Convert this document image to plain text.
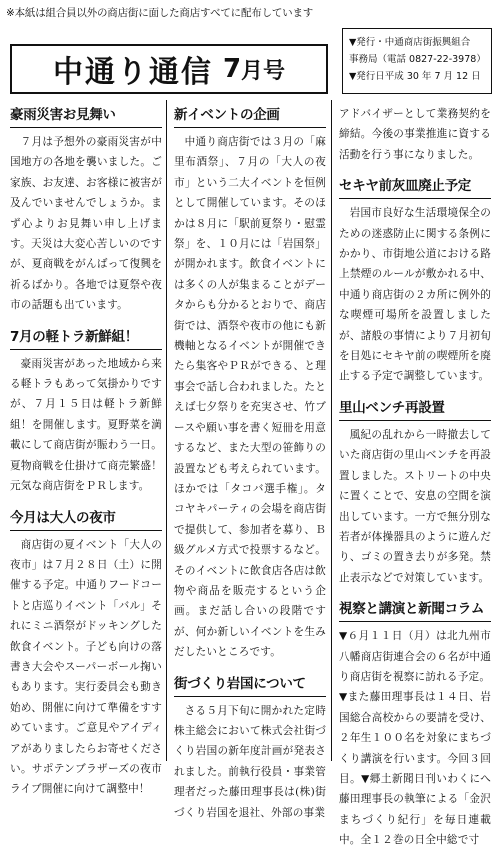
※本紙は組合員以外の商店街に面した商店すべてに配布しています
中通り通信 7 月号
▼発行・中通商店街振興組合
事務局（電話 0827-22-3978）
▼発行日平成 30 年 7 月 12 日
豪雨災害お見舞い

７月は予想外の豪雨災害が中国地方の各地を襲いました。ご家族、お友達、お客様に被害が及んでいませんでしょうか。まず心よりお見舞い申し上げます。天災は大変心苦しいのですが、夏商戦をがんばって復興を祈るばかり。各地では夏祭や夜市の話題も出ています。

7月の軽トラ新鮮組！

豪雨災害があった地域から来る軽トラもあって気掛かりですが、７月１５日は軽トラ新鮮組！を開催します。夏野菜を満載にして商店街が賑わう一日。夏物商戦を仕掛けて商売繁盛！元気な商店街をＰＲします。

今月は大人の夜市

商店街の夏イベント「大人の夜市」は７月２８日（土）に開催する予定。中通りフードコートと店巡りイベント「バル」それにミニ酒祭がドッキングした飲食イベント。子ども向けの落書き大会やスーパーボール掬いもあります。実行委員会も動き始め、開催に向けて準備をすすめています。ご意見やアイディアがありましたらお寄せください。サポテンブラザーズの夜市ライブ開催に向けて調整中！

新イベントの企画

中通り商店街では３月の「麻里布酒祭」、７月の「大人の夜市」という二大イベントを恒例として開催しています。そのほかは８月に「駅前夏祭り・慰霊祭」を、１０月には「岩国祭」が開かれます。飲食イベントには多くの人が集まることがデータからも分かるとおりで、商店街では、酒祭や夜市の他にも新機軸となるイベントが開催できたら集客やＰＲができる、と理事会で話し合われました。たとえば七夕祭りを充実させ、竹ブースや願い事を書く短冊を用意するなど、また大型の笹飾りの設置なども考えられています。ほかでは「タコバ選手権」。タコヤキパーティの会場を商店街で提供して、参加者を募り、Ｂ級グルメ方式で投票するなど。そのイベントに飲食店各店は飲物や商品を販売するという企画。まだ話し合いの段階ですが、何か新しいイベントを生みだしたいところです。

街づくり岩国について

さる５月下旬に開かれた定時株主総会において株式会社街づくり岩国の新年度計画が発表されました。前執行役員・事業管理者だった藤田理事長は(株)街づくり岩国を退社、外部の事業

アドバイザーとして業務契約を締結。今後の事業推進に資する活動を行う事になりました。

セキヤ前灰皿廃止予定

岩国市良好な生活環境保全のための迷惑防止に関する条例にかかり、市街地公道における路上禁煙のルールが敷かれる中、中通り商店街の２カ所に例外的な喫煙可場所を設置しましたが、諸般の事情により７月初旬を目処にセキヤ前の喫煙所を廃止する予定で調整しています。

里山ベンチ再設置

風紀の乱れから一時撤去していた商店街の里山ベンチを再設置しました。ストリートの中央に置くことで、安息の空間を演出しています。一方で無分別な若者が体操器具のように遊んだり、ゴミの置き去りが多発。禁止表示などで対策しています。

視察と講演と新聞コラム

▼６月１１日（月）は北九州市八幡商店街連合会の６名が中通り商店街を視察に訪れる予定。

▼また藤田理事長は１４日、岩国総合高校からの要請を受け、２年生１００名を対象にまちづくり講演を行います。今回３回目。▼郷土新聞日刊いわくにへ藤田理事長の執筆による「金沢まちづくり紀行」を毎日連載中。全１２巻の日全中総で寸
